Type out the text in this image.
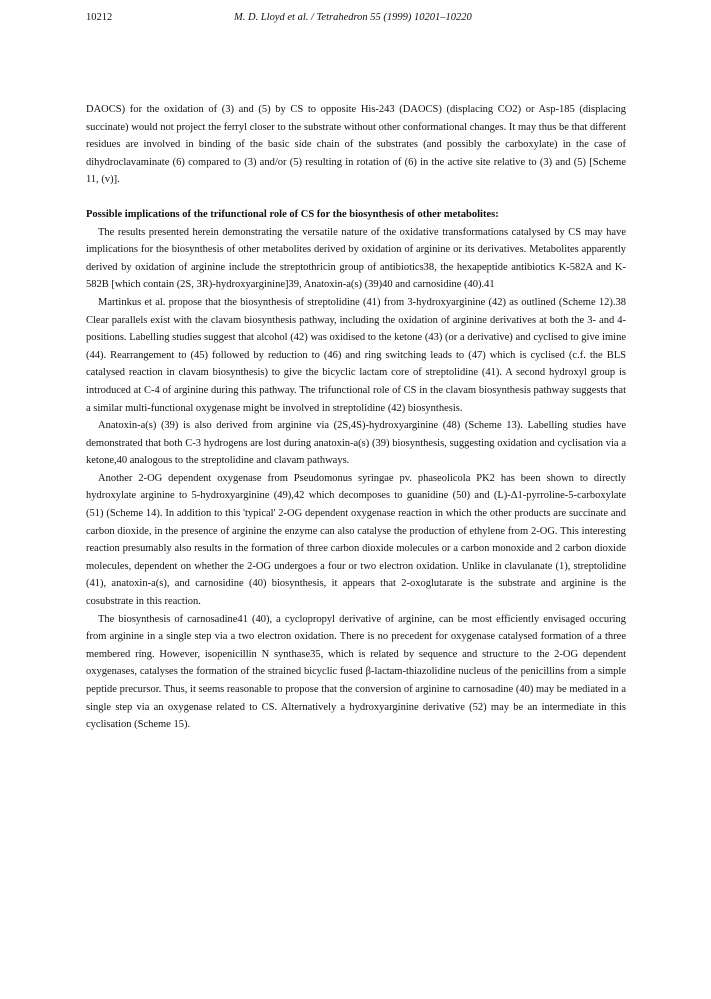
10212	M. D. Lloyd et al. / Tetrahedron 55 (1999) 10201–10220

DAOCS) for the oxidation of (3) and (5) by CS to opposite His-243 (DAOCS) (displacing CO2) or Asp-185 (displacing succinate) would not project the ferryl closer to the substrate without other conformational changes. It may thus be that different residues are involved in binding of the basic side chain of the substrates (and possibly the carboxylate) in the case of dihydroclavaminate (6) compared to (3) and/or (5) resulting in rotation of (6) in the active site relative to (3) and (5) [Scheme 11, (v)].

Possible implications of the trifunctional role of CS for the biosynthesis of other metabolites:

The results presented herein demonstrating the versatile nature of the oxidative transformations catalysed by CS may have implications for the biosynthesis of other metabolites derived by oxidation of arginine or its derivatives. Metabolites apparently derived by oxidation of arginine include the streptothricin group of antibiotics38, the hexapeptide antibiotics K-582A and K-582B [which contain (2S, 3R)-hydroxyarginine]39, Anatoxin-a(s) (39)40 and carnosidine (40).41

Martinkus et al. propose that the biosynthesis of streptolidine (41) from 3-hydroxyarginine (42) as outlined (Scheme 12).38 Clear parallels exist with the clavam biosynthesis pathway, including the oxidation of arginine derivatives at both the 3- and 4-positions. Labelling studies suggest that alcohol (42) was oxidised to the ketone (43) (or a derivative) and cyclised to give imine (44). Rearrangement to (45) followed by reduction to (46) and ring switching leads to (47) which is cyclised (c.f. the BLS catalysed reaction in clavam biosynthesis) to give the bicyclic lactam core of streptolidine (41). A second hydroxyl group is introduced at C-4 of arginine during this pathway. The trifunctional role of CS in the clavam biosynthesis pathway suggests that a similar multi-functional oxygenase might be involved in streptolidine (42) biosynthesis.

Anatoxin-a(s) (39) is also derived from arginine via (2S,4S)-hydroxyarginine (48) (Scheme 13). Labelling studies have demonstrated that both C-3 hydrogens are lost during anatoxin-a(s) (39) biosynthesis, suggesting oxidation and cyclisation via a ketone,40 analogous to the streptolidine and clavam pathways.

Another 2-OG dependent oxygenase from Pseudomonus syringae pv. phaseolicola PK2 has been shown to directly hydroxylate arginine to 5-hydroxyarginine (49),42 which decomposes to guanidine (50) and (L)-Δ1-pyrroline-5-carboxylate (51) (Scheme 14). In addition to this 'typical' 2-OG dependent oxygenase reaction in which the other products are succinate and carbon dioxide, in the presence of arginine the enzyme can also catalyse the production of ethylene from 2-OG. This interesting reaction presumably also results in the formation of three carbon dioxide molecules or a carbon monoxide and 2 carbon dioxide molecules, dependent on whether the 2-OG undergoes a four or two electron oxidation. Unlike in clavulanate (1), streptolidine (41), anatoxin-a(s), and carnosidine (40) biosynthesis, it appears that 2-oxoglutarate is the substrate and arginine is the cosubstrate in this reaction.

The biosynthesis of carnosadine41 (40), a cyclopropyl derivative of arginine, can be most efficiently envisaged occuring from arginine in a single step via a two electron oxidation. There is no precedent for oxygenase catalysed formation of a three membered ring. However, isopenicillin N synthase35, which is related by sequence and structure to the 2-OG dependent oxygenases, catalyses the formation of the strained bicyclic fused β-lactam-thiazolidine nucleus of the penicillins from a simple peptide precursor. Thus, it seems reasonable to propose that the conversion of arginine to carnosadine (40) may be mediated in a single step via an oxygenase related to CS. Alternatively a hydroxyarginine derivative (52) may be an intermediate in this cyclisation (Scheme 15).
